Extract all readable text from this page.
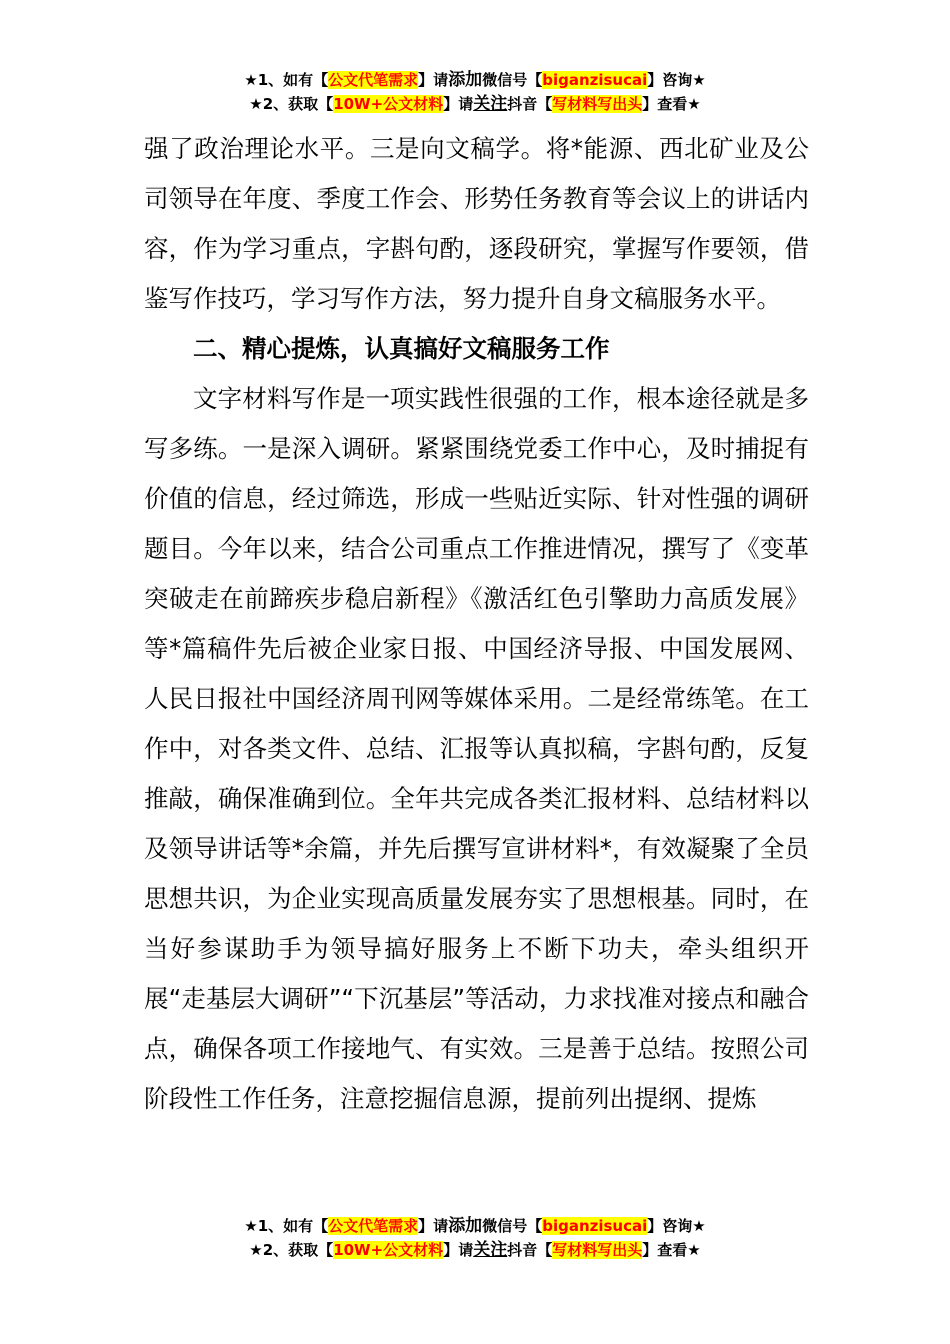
★1、如有【公文代笔需求】请添加微信号【biganzisucai】咨询★
★2、获取【10W+公文材料】请关注抖音【写材料写出头】查看★

强了政治理论水平。三是向文稿学。将*能源、西北矿业及公司领导在年度、季度工作会、形势任务教育等会议上的讲话内容，作为学习重点，字斟句酌，逐段研究，掌握写作要领，借鉴写作技巧，学习写作方法，努力提升自身文稿服务水平。

二、精心提炼，认真搞好文稿服务工作

文字材料写作是一项实践性很强的工作，根本途径就是多写多练。一是深入调研。紧紧围绕党委工作中心，及时捕捉有价值的信息，经过筛选，形成一些贴近实际、针对性强的调研题目。今年以来，结合公司重点工作推进情况，撰写了《变革突破走在前蹄疾步稳启新程》《激活红色引擎助力高质发展》等*篇稿件先后被企业家日报、中国经济导报、中国发展网、人民日报社中国经济周刊网等媒体采用。二是经常练笔。在工作中，对各类文件、总结、汇报等认真拟稿，字斟句酌，反复推敲，确保准确到位。全年共完成各类汇报材料、总结材料以及领导讲话等*余篇，并先后撰写宣讲材料*，有效凝聚了全员思想共识，为企业实现高质量发展夯实了思想根基。同时，在当好参谋助手为领导搞好服务上不断下功夫，牵头组织开展“走基层大调研”“下沉基层”等活动，力求找准对接点和融合点，确保各项工作接地气、有实效。三是善于总结。按照公司阶段性工作任务，注意挖掘信息源，提前列出提纲、提炼

★1、如有【公文代笔需求】请添加微信号【biganzisucai】咨询★
★2、获取【10W+公文材料】请关注抖音【写材料写出头】查看★
